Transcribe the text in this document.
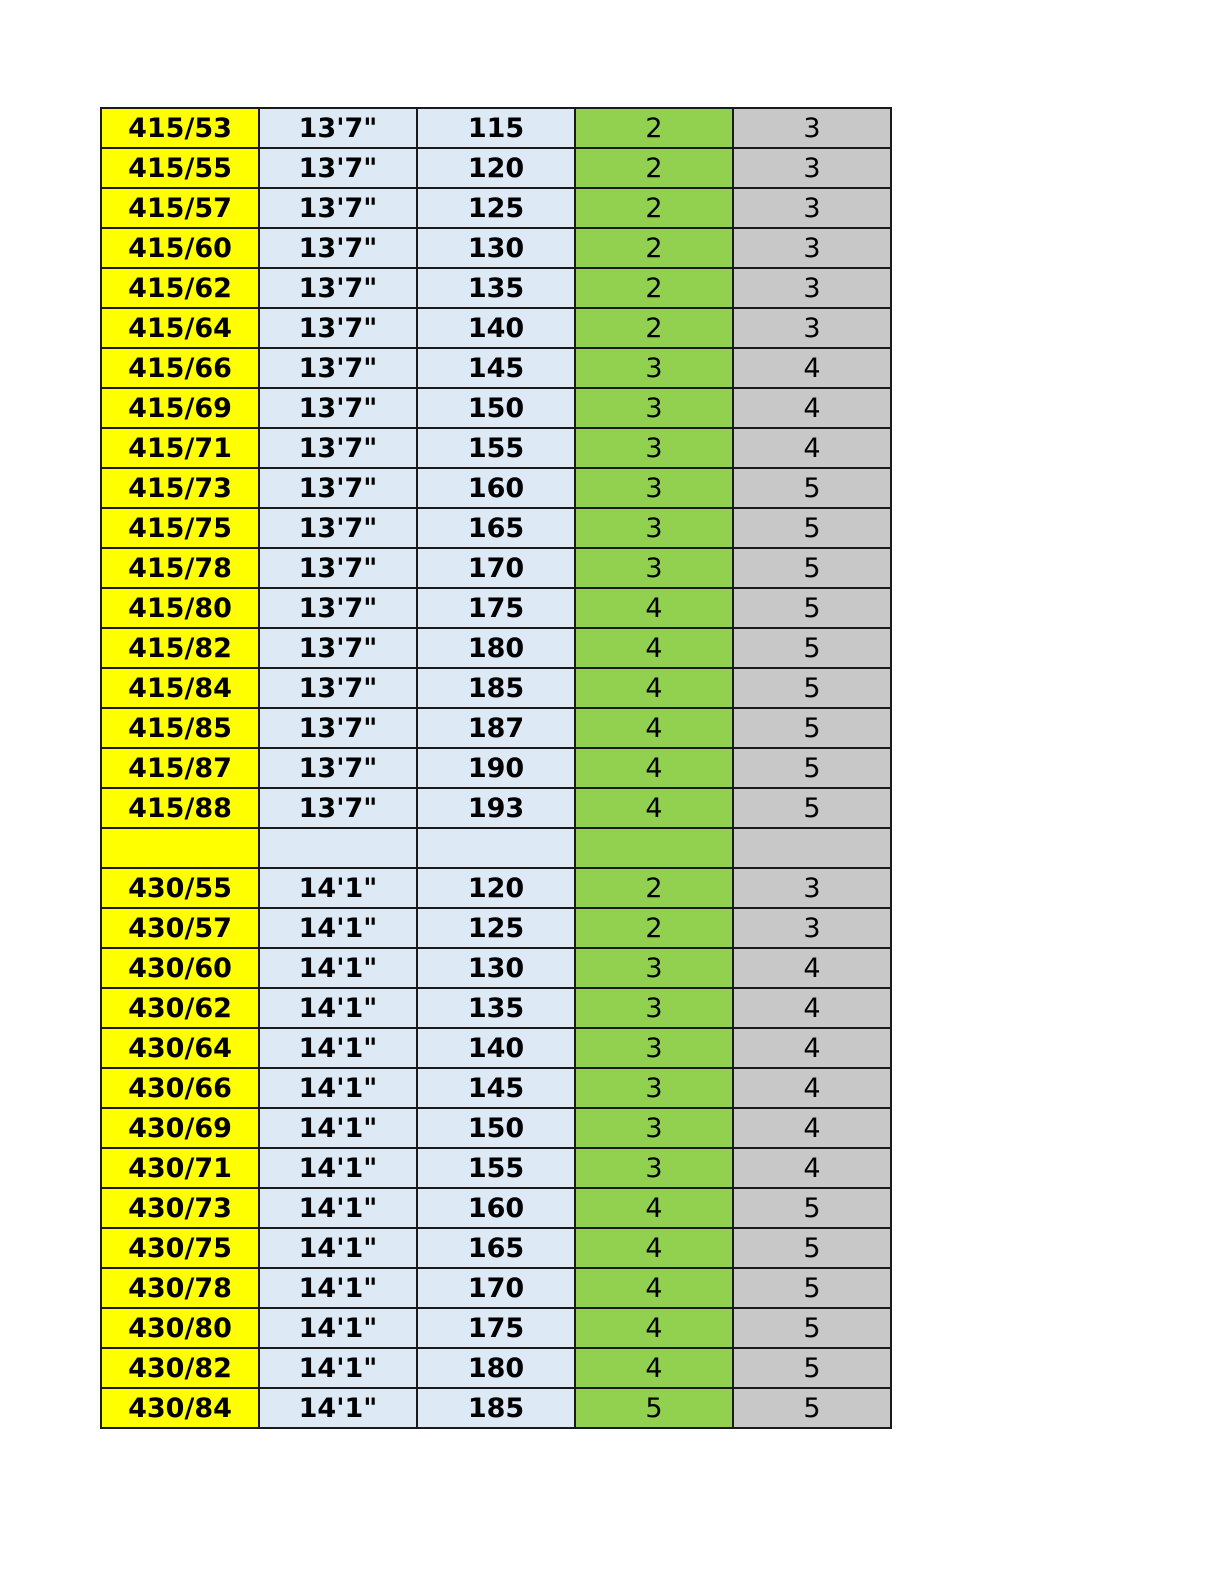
415/53	13'7"	115	2	3
415/55	13'7"	120	2	3
415/57	13'7"	125	2	3
415/60	13'7"	130	2	3
415/62	13'7"	135	2	3
415/64	13'7"	140	2	3
415/66	13'7"	145	3	4
415/69	13'7"	150	3	4
415/71	13'7"	155	3	4
415/73	13'7"	160	3	5
415/75	13'7"	165	3	5
415/78	13'7"	170	3	5
415/80	13'7"	175	4	5
415/82	13'7"	180	4	5
415/84	13'7"	185	4	5
415/85	13'7"	187	4	5
415/87	13'7"	190	4	5
415/88	13'7"	193	4	5

430/55	14'1"	120	2	3
430/57	14'1"	125	2	3
430/60	14'1"	130	3	4
430/62	14'1"	135	3	4
430/64	14'1"	140	3	4
430/66	14'1"	145	3	4
430/69	14'1"	150	3	4
430/71	14'1"	155	3	4
430/73	14'1"	160	4	5
430/75	14'1"	165	4	5
430/78	14'1"	170	4	5
430/80	14'1"	175	4	5
430/82	14'1"	180	4	5
430/84	14'1"	185	5	5
